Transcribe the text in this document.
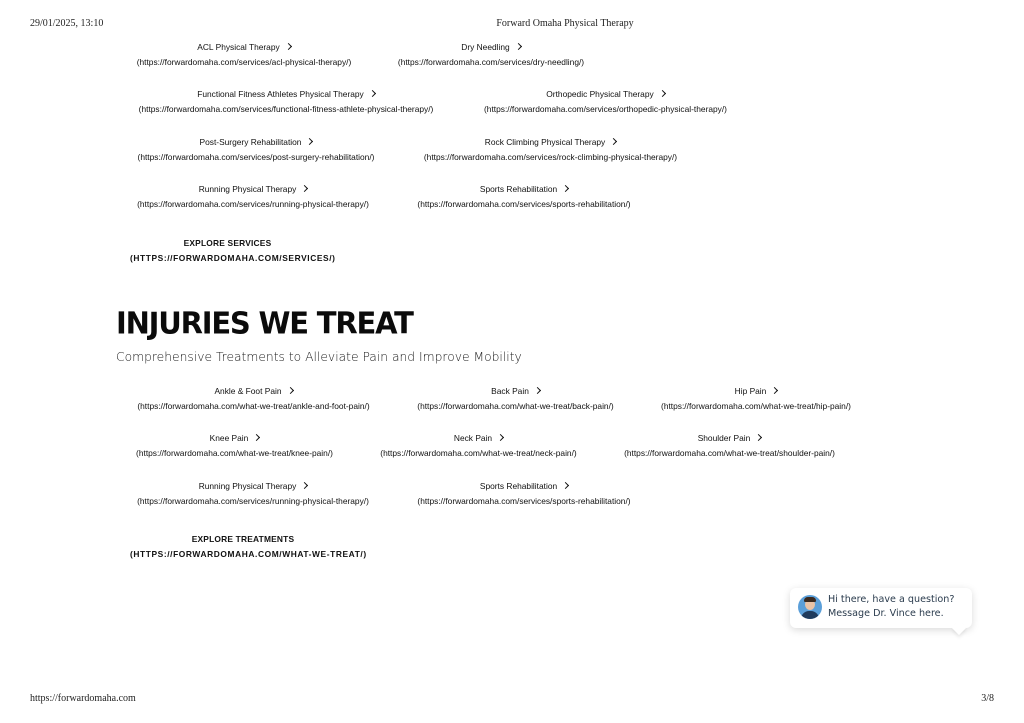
29/01/2025, 13:10	Forward Omaha Physical Therapy
ACL Physical Therapy
(https://forwardomaha.com/services/acl-physical-therapy/)
Dry Needling
(https://forwardomaha.com/services/dry-needling/)
Functional Fitness Athletes Physical Therapy
(https://forwardomaha.com/services/functional-fitness-athlete-physical-therapy/)
Orthopedic Physical Therapy
(https://forwardomaha.com/services/orthopedic-physical-therapy/)
Post-Surgery Rehabilitation
(https://forwardomaha.com/services/post-surgery-rehabilitation/)
Rock Climbing Physical Therapy
(https://forwardomaha.com/services/rock-climbing-physical-therapy/)
Running Physical Therapy
(https://forwardomaha.com/services/running-physical-therapy/)
Sports Rehabilitation
(https://forwardomaha.com/services/sports-rehabilitation/)
EXPLORE SERVICES
(HTTPS://FORWARDOMAHA.COM/SERVICES/)
INJURIES WE TREAT
Comprehensive Treatments to Alleviate Pain and Improve Mobility
Ankle & Foot Pain
(https://forwardomaha.com/what-we-treat/ankle-and-foot-pain/)
Back Pain
(https://forwardomaha.com/what-we-treat/back-pain/)
Hip Pain
(https://forwardomaha.com/what-we-treat/hip-pain/)
Knee Pain
(https://forwardomaha.com/what-we-treat/knee-pain/)
Neck Pain
(https://forwardomaha.com/what-we-treat/neck-pain/)
Shoulder Pain
(https://forwardomaha.com/what-we-treat/shoulder-pain/)
Running Physical Therapy
(https://forwardomaha.com/services/running-physical-therapy/)
Sports Rehabilitation
(https://forwardomaha.com/services/sports-rehabilitation/)
EXPLORE TREATMENTS
(HTTPS://FORWARDOMAHA.COM/WHAT-WE-TREAT/)
Hi there, have a question?
Message Dr. Vince here.
https://forwardomaha.com	3/8
